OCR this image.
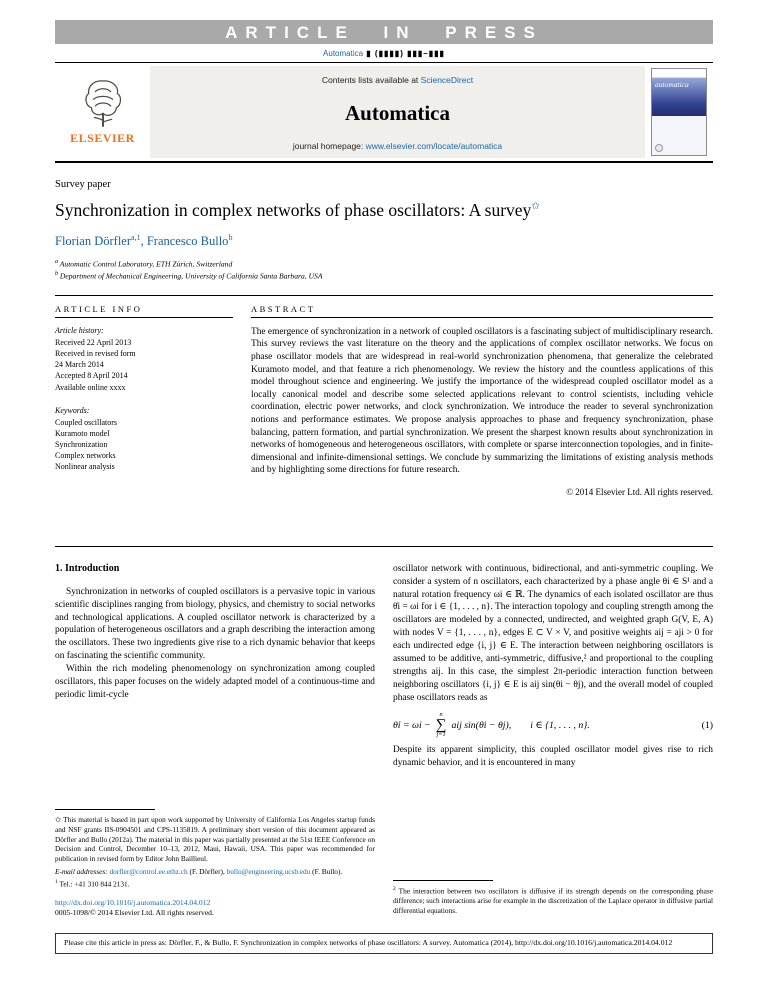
ARTICLE IN PRESS
Automatica ▮ (▮▮▮▮) ▮▮▮–▮▮▮
ELSEVIER
Contents lists available at ScienceDirect
Automatica
journal homepage: www.elsevier.com/locate/automatica
automatica
Survey paper
Synchronization in complex networks of phase oscillators: A survey✩
Florian Dörfler$^{a,1}$, Francesco Bullo$^b$
$^a$ Automatic Control Laboratory, ETH Zürich, Switzerland
$^b$ Department of Mechanical Engineering, University of California Santa Barbara, USA
ARTICLE INFO
Article history:
Received 22 April 2013
Received in revised form
24 March 2014
Accepted 8 April 2014
Available online xxxx
Keywords:
Coupled oscillators
Kuramoto model
Synchronization
Complex networks
Nonlinear analysis
ABSTRACT

The emergence of synchronization in a network of coupled oscillators is a fascinating subject of multidisciplinary research. This survey reviews the vast literature on the theory and the applications of complex oscillator networks. We focus on phase oscillator models that are widespread in real-world synchronization phenomena, that generalize the celebrated Kuramoto model, and that feature a rich phenomenology. We review the history and the countless applications of this model throughout science and engineering. We justify the importance of the widespread coupled oscillator model as a locally canonical model and describe some selected applications relevant to control scientists, including vehicle coordination, electric power networks, and clock synchronization. We introduce the reader to several synchronization notions and performance estimates. We propose analysis approaches to phase and frequency synchronization, phase balancing, pattern formation, and partial synchronization. We present the sharpest known results about synchronization in networks of homogeneous and heterogeneous oscillators, with complete or sparse interconnection topologies, and in finite-dimensional and infinite-dimensional settings. We conclude by summarizing the limitations of existing analysis methods and by highlighting some directions for future research.

© 2014 Elsevier Ltd. All rights reserved.
1. Introduction

Synchronization in networks of coupled oscillators is a pervasive topic in various scientific disciplines ranging from biology, physics, and chemistry to social networks and technological applications. A coupled oscillator network is characterized by a population of heterogeneous oscillators and a graph describing the interaction among the oscillators. These two ingredients give rise to a rich dynamic behavior that keeps on fascinating the scientific community.

Within the rich modeling phenomenology on synchronization among coupled oscillators, this paper focuses on the widely adapted model of a continuous-time and periodic limit-cycle

✩ This material is based in part upon work supported by University of California Los Angeles startup funds and NSF grants IIS-0904501 and CPS-1135819. A preliminary short version of this document appeared as Dörfler and Bullo (2012a). The material in this paper was partially presented at the 51st IEEE Conference on Decision and Control, December 10–13, 2012, Maui, Hawaii, USA. This paper was recommended for publication in revised form by Editor John Baillieul.

E-mail addresses: dorfler@control.ee.ethz.ch (F. Dörfler), bullo@engineering.ucsb.edu (F. Bullo).

$^1$ Tel.: +41 310 844 2131.

http://dx.doi.org/10.1016/j.automatica.2014.04.012
0005-1098/© 2014 Elsevier Ltd. All rights reserved.

oscillator network with continuous, bidirectional, and anti-symmetric coupling. We consider a system of n oscillators, each characterized by a phase angle θi ∈ S¹ and a natural rotation frequency ωi ∈ ℝ. The dynamics of each isolated oscillator are thus θ̇i = ωi for i ∈ {1, . . . , n}. The interaction topology and coupling strength among the oscillators are modeled by a connected, undirected, and weighted graph G(V, E, A) with nodes V = {1, . . . , n}, edges E ⊂ V × V, and positive weights aij = aji > 0 for each undirected edge {i, j} ∈ E. The interaction between neighboring oscillators is assumed to be additive, anti-symmetric, diffusive,² and proportional to the coupling strengths aij. In this case, the simplest 2π-periodic interaction function between neighboring oscillators {i, j} ∈ E is aij sin(θi − θj), and the overall model of coupled phase oscillators reads as

θ̇i = ωi −
n
∑
j=1
aij sin(θi − θj), i ∈ {1, . . . , n}.	(1)

Despite its apparent simplicity, this coupled oscillator model gives rise to rich dynamic behavior, and it is encountered in many

$^2$ The interaction between two oscillators is diffusive if its strength depends on the corresponding phase difference; such interactions arise for example in the discretization of the Laplace operator in diffusive partial differential equations.

Please cite this article in press as: Dörfler, F., & Bullo, F. Synchronization in complex networks of phase oscillators: A survey. Automatica (2014), http://dx.doi.org/10.1016/j.automatica.2014.04.012
